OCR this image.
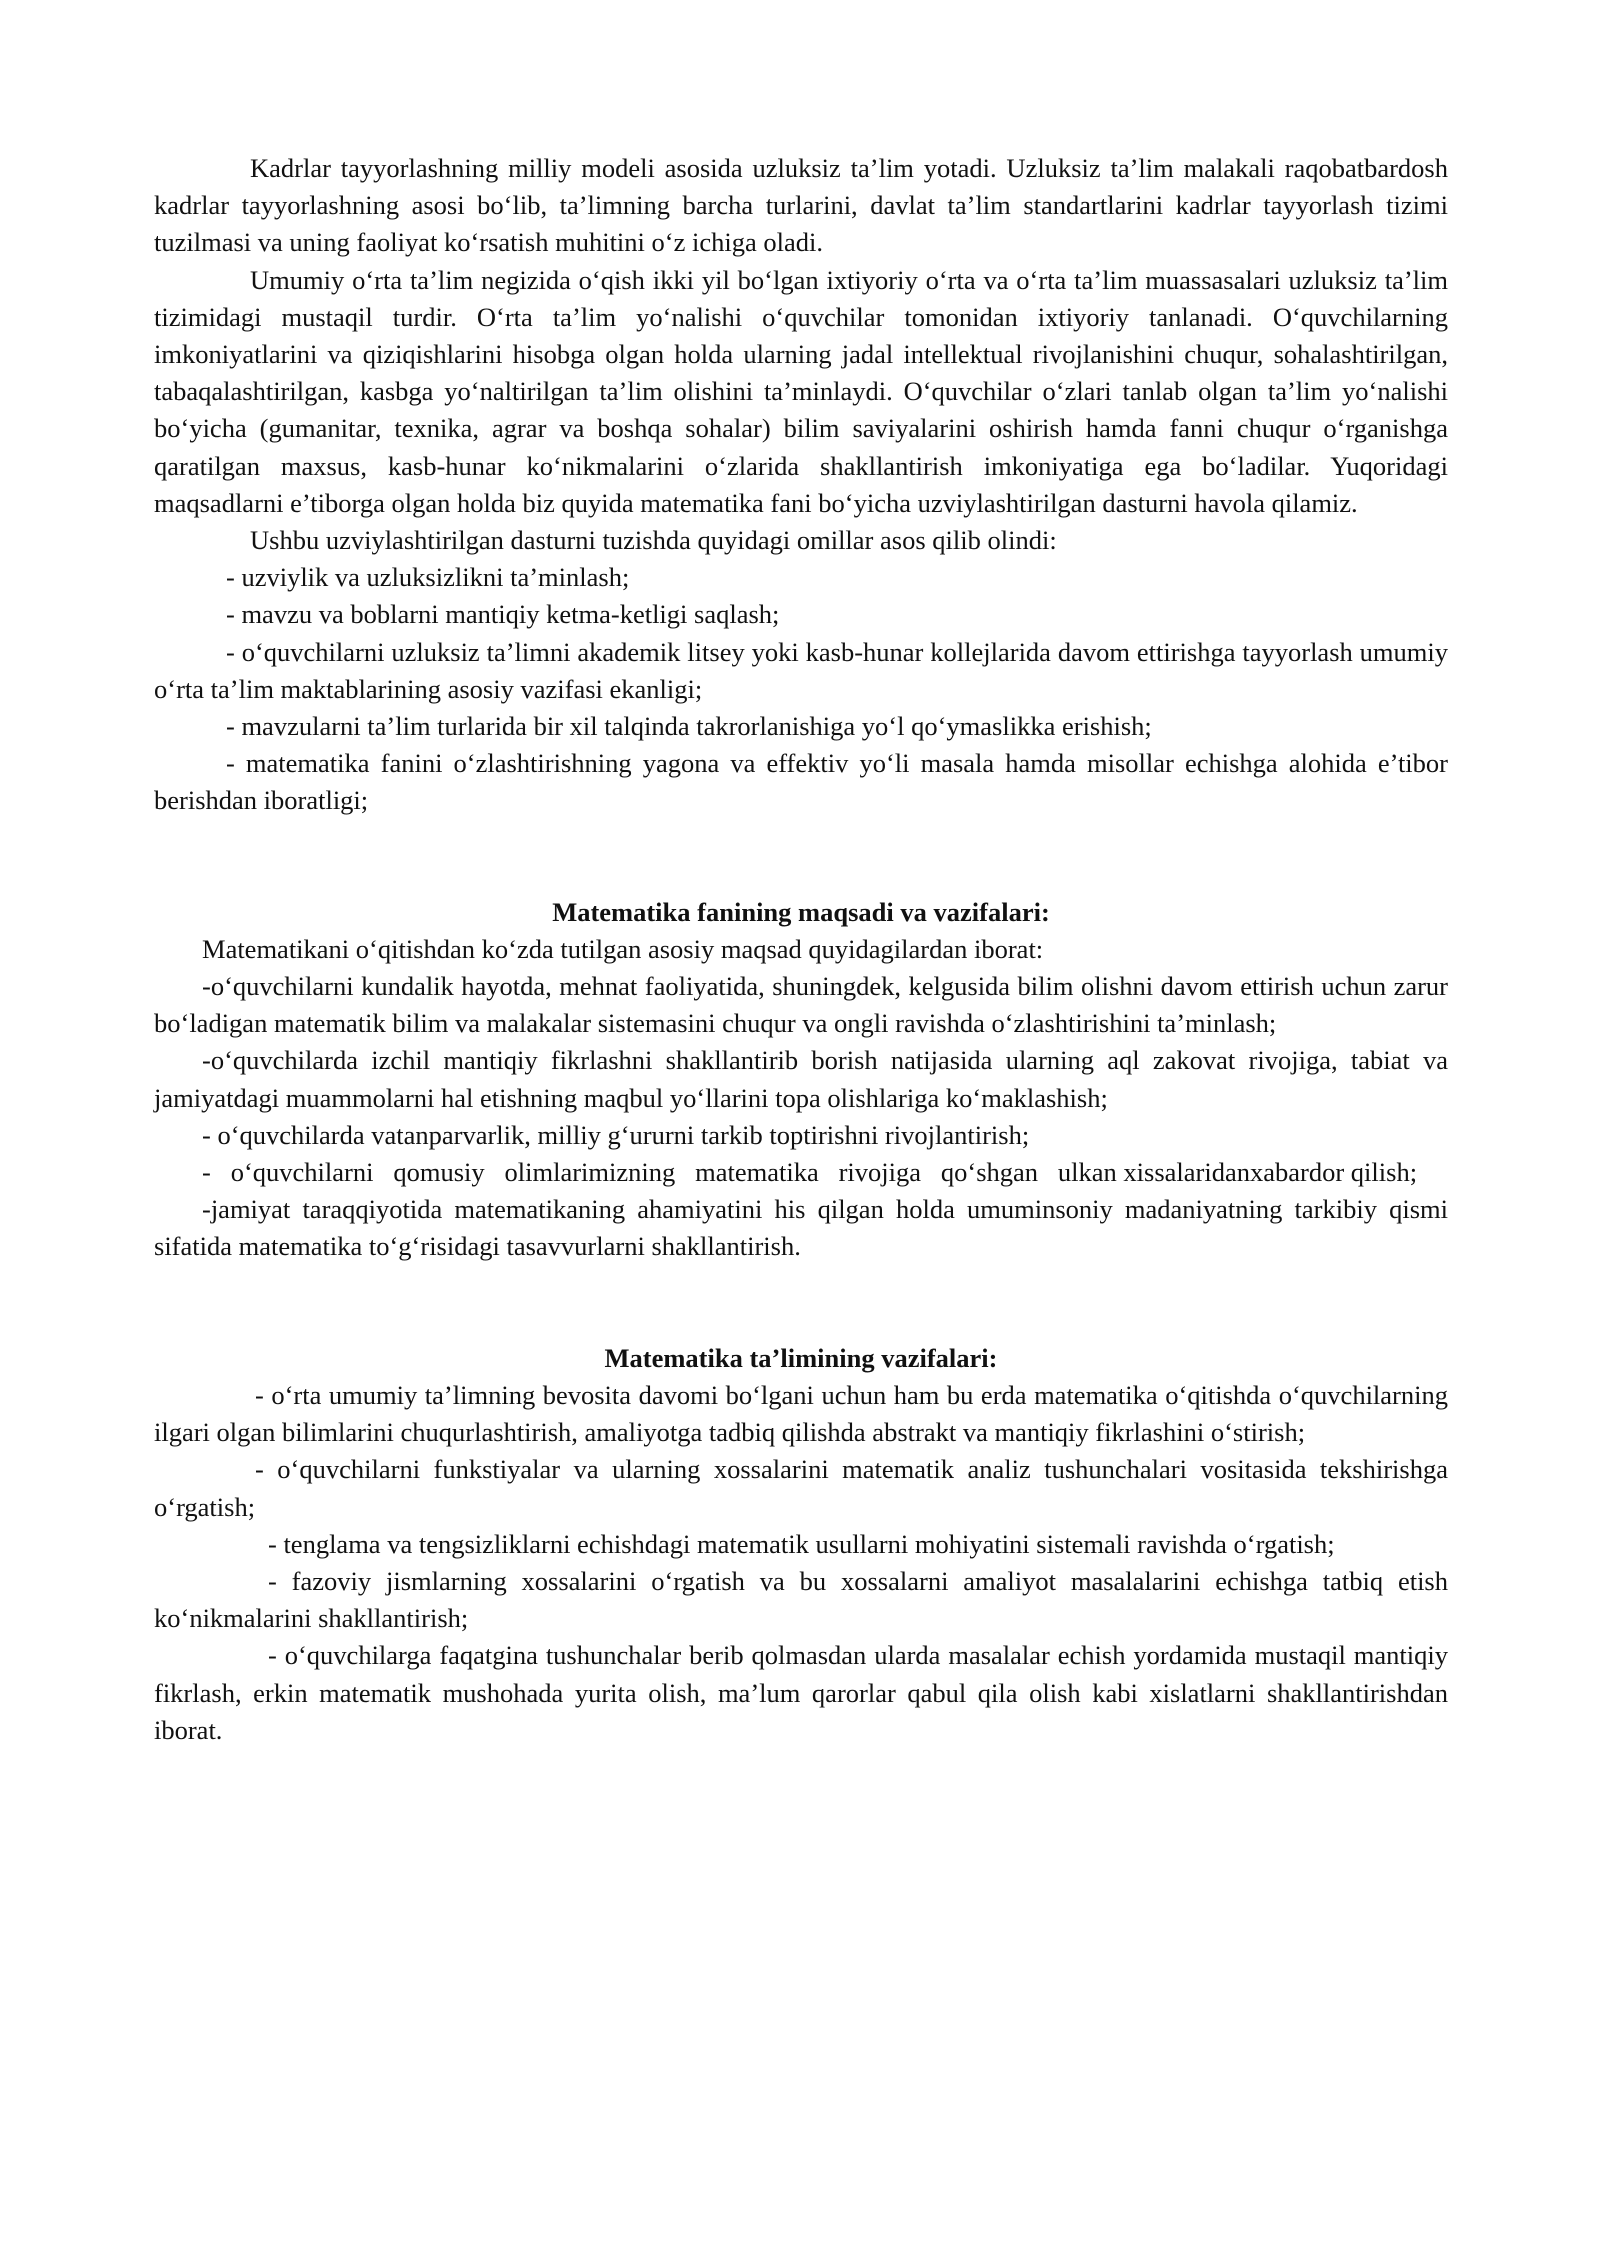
Kadrlar tayyorlashning milliy modeli asosida uzluksiz ta’lim yotadi. Uzluksiz ta’lim malakali raqobatbardosh kadrlar tayyorlashning asosi bo‘lib, ta’limning barcha turlarini, davlat ta’lim standartlarini kadrlar tayyorlash tizimi tuzilmasi va uning faoliyat ko‘rsatish muhitini o‘z ichiga oladi.

Umumiy o‘rta ta’lim negizida o‘qish ikki yil bo‘lgan ixtiyoriy o‘rta va o‘rta ta’lim muassasalari uzluksiz ta’lim tizimidagi mustaqil turdir. O‘rta ta’lim yo‘nalishi o‘quvchilar tomonidan ixtiyoriy tanlanadi. O‘quvchilarning imkoniyatlarini va qiziqishlarini hisobga olgan holda ularning jadal intellektual rivojlanishini chuqur, sohalashtirilgan, tabaqalashtirilgan, kasbga yo‘naltirilgan ta’lim olishini ta’minlaydi. O‘quvchilar o‘zlari tanlab olgan ta’lim yo‘nalishi bo‘yicha (gumanitar, texnika, agrar va boshqa sohalar) bilim saviyalarini oshirish hamda fanni chuqur o‘rganishga qaratilgan maxsus, kasb-hunar ko‘nikmalarini o‘zlarida shakllantirish imkoniyatiga ega bo‘ladilar. Yuqoridagi maqsadlarni e’tiborga olgan holda biz quyida matematika fani bo‘yicha uzviylashtirilgan dasturni havola qilamiz.

Ushbu uzviylashtirilgan dasturni tuzishda quyidagi omillar asos qilib olindi:

- uzviylik va uzluksizlikni ta’minlash;

- mavzu va boblarni mantiqiy ketma-ketligi saqlash;

- o‘quvchilarni uzluksiz ta’limni akademik litsey yoki kasb-hunar kollejlarida davom ettirishga tayyorlash umumiy o‘rta ta’lim maktablarining asosiy vazifasi ekanligi;

- mavzularni ta’lim turlarida bir xil talqinda takrorlanishiga yo‘l qo‘ymaslikka erishish;

- matematika fanini o‘zlashtirishning yagona va effektiv yo‘li masala hamda misollar echishga alohida e’tibor berishdan iboratligi;

Matematika fanining maqsadi va vazifalari:

Matematikani o‘qitishdan ko‘zda tutilgan asosiy maqsad quyidagilardan iborat:

-o‘quvchilarni kundalik hayotda, mehnat faoliyatida, shuningdek, kelgusida bilim olishni davom ettirish uchun zarur bo‘ladigan matematik bilim va malakalar sistemasini chuqur va ongli ravishda o‘zlashtirishini ta’minlash;

-o‘quvchilarda izchil mantiqiy fikrlashni shakllantirib borish natijasida ularning aql zakovat rivojiga, tabiat va jamiyatdagi muammolarni hal etishning maqbul yo‘llarini topa olishlariga ko‘maklashish;

- o‘quvchilarda vatanparvarlik, milliy g‘ururni tarkib toptirishni rivojlantirish;

-   o‘quvchilarni   qomusiy   olimlarimizning   matematika   rivojiga   qo‘shgan   ulkan xissalaridanxabardor qilish;

-jamiyat taraqqiyotida matematikaning ahamiyatini his qilgan holda umuminsoniy madaniyatning tarkibiy qismi sifatida matematika to‘g‘risidagi tasavvurlarni shakllantirish.

Matematika ta’limining vazifalari:

- o‘rta umumiy ta’limning bevosita davomi bo‘lgani uchun ham bu erda matematika o‘qitishda o‘quvchilarning ilgari olgan bilimlarini chuqurlashtirish, amaliyotga tadbiq qilishda abstrakt va mantiqiy fikrlashini o‘stirish;

- o‘quvchilarni funkstiyalar va ularning xossalarini matematik analiz tushunchalari vositasida tekshirishga o‘rgatish;

- tenglama va tengsizliklarni echishdagi matematik usullarni mohiyatini sistemali ravishda o‘rgatish;

- fazoviy jismlarning xossalarini o‘rgatish va bu xossalarni amaliyot masalalarini echishga tatbiq etish ko‘nikmalarini shakllantirish;

- o‘quvchilarga faqatgina tushunchalar berib qolmasdan ularda masalalar echish yordamida mustaqil mantiqiy fikrlash, erkin matematik mushohada yurita olish, ma’lum qarorlar qabul qila olish kabi xislatlarni shakllantirishdan iborat.
